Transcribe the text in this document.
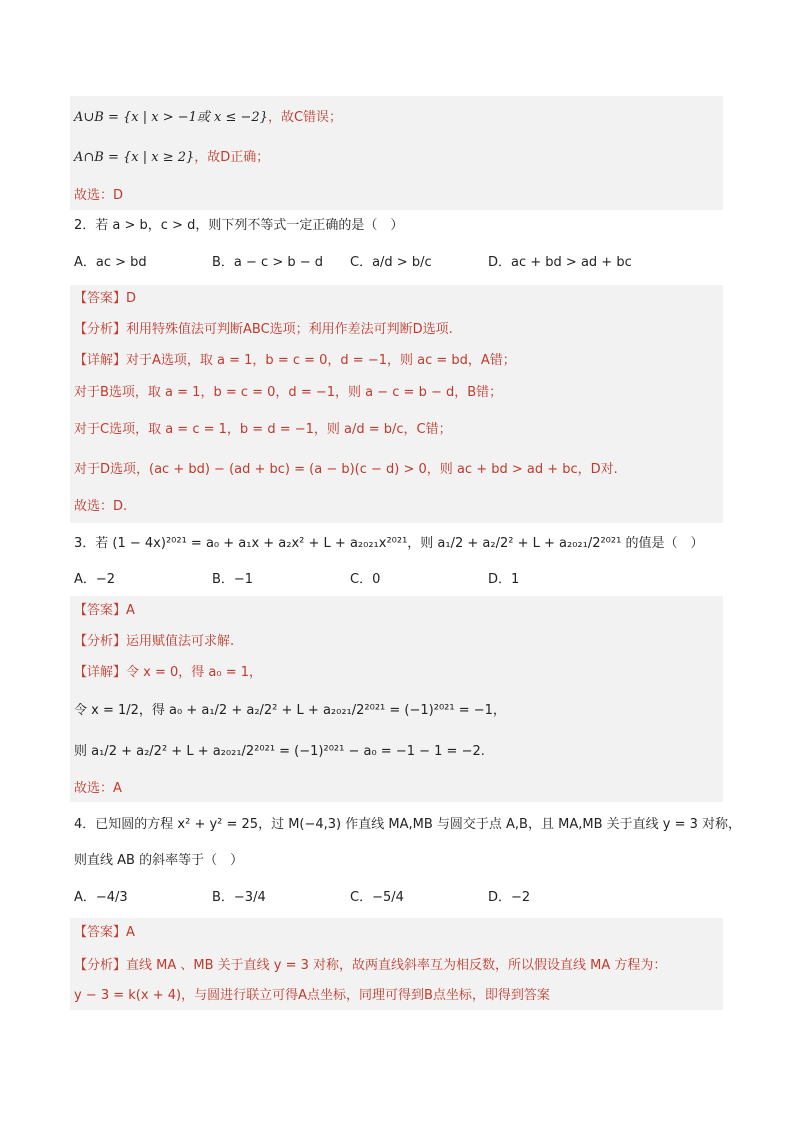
A∪B = {x | x > −1或 x ≤ −2}，故C错误；
A∩B = {x | x ≥ 2}，故D正确；
故选：D
2．若 a > b，c > d，则下列不等式一定正确的是（　）
A．ac > bd	B．a − c > b − d C．a/d > b/c	D．ac + bd > ad + bc
【答案】D
【分析】利用特殊值法可判断ABC选项；利用作差法可判断D选项.
【详解】对于A选项，取 a = 1，b = c = 0，d = −1，则 ac = bd，A错；
对于B选项，取 a = 1，b = c = 0，d = −1，则 a − c = b − d，B错；
对于C选项，取 a = c = 1，b = d = −1，则 a/d = b/c，C错；
对于D选项，(ac + bd) − (ad + bc) = (a − b)(c − d) > 0，则 ac + bd > ad + bc，D对.
故选：D.
3．若 (1 − 4x)²⁰²¹ = a₀ + a₁x + a₂x² + L + a₂₀₂₁x²⁰²¹，则 a₁/2 + a₂/2² + L + a₂₀₂₁/2²⁰²¹ 的值是（　）
A．−2	B．−1	C．0	D．1
【答案】A
【分析】运用赋值法可求解.
【详解】令 x = 0，得 a₀ = 1，
令 x = 1/2，得 a₀ + a₁/2 + a₂/2² + L + a₂₀₂₁/2²⁰²¹ = (−1)²⁰²¹ = −1，
则 a₁/2 + a₂/2² + L + a₂₀₂₁/2²⁰²¹ = (−1)²⁰²¹ − a₀ = −1 − 1 = −2.
故选：A
4．已知圆的方程 x² + y² = 25，过 M(−4,3) 作直线 MA,MB 与圆交于点 A,B，且 MA,MB 关于直线 y = 3 对称，
则直线 AB 的斜率等于（　）
A．−4/3	B．−3/4	C．−5/4	D．−2
【答案】A
【分析】直线 MA 、MB 关于直线 y = 3 对称，故两直线斜率互为相反数，所以假设直线 MA 方程为：
y − 3 = k(x + 4)，与圆进行联立可得A点坐标，同理可得到B点坐标，即得到答案
